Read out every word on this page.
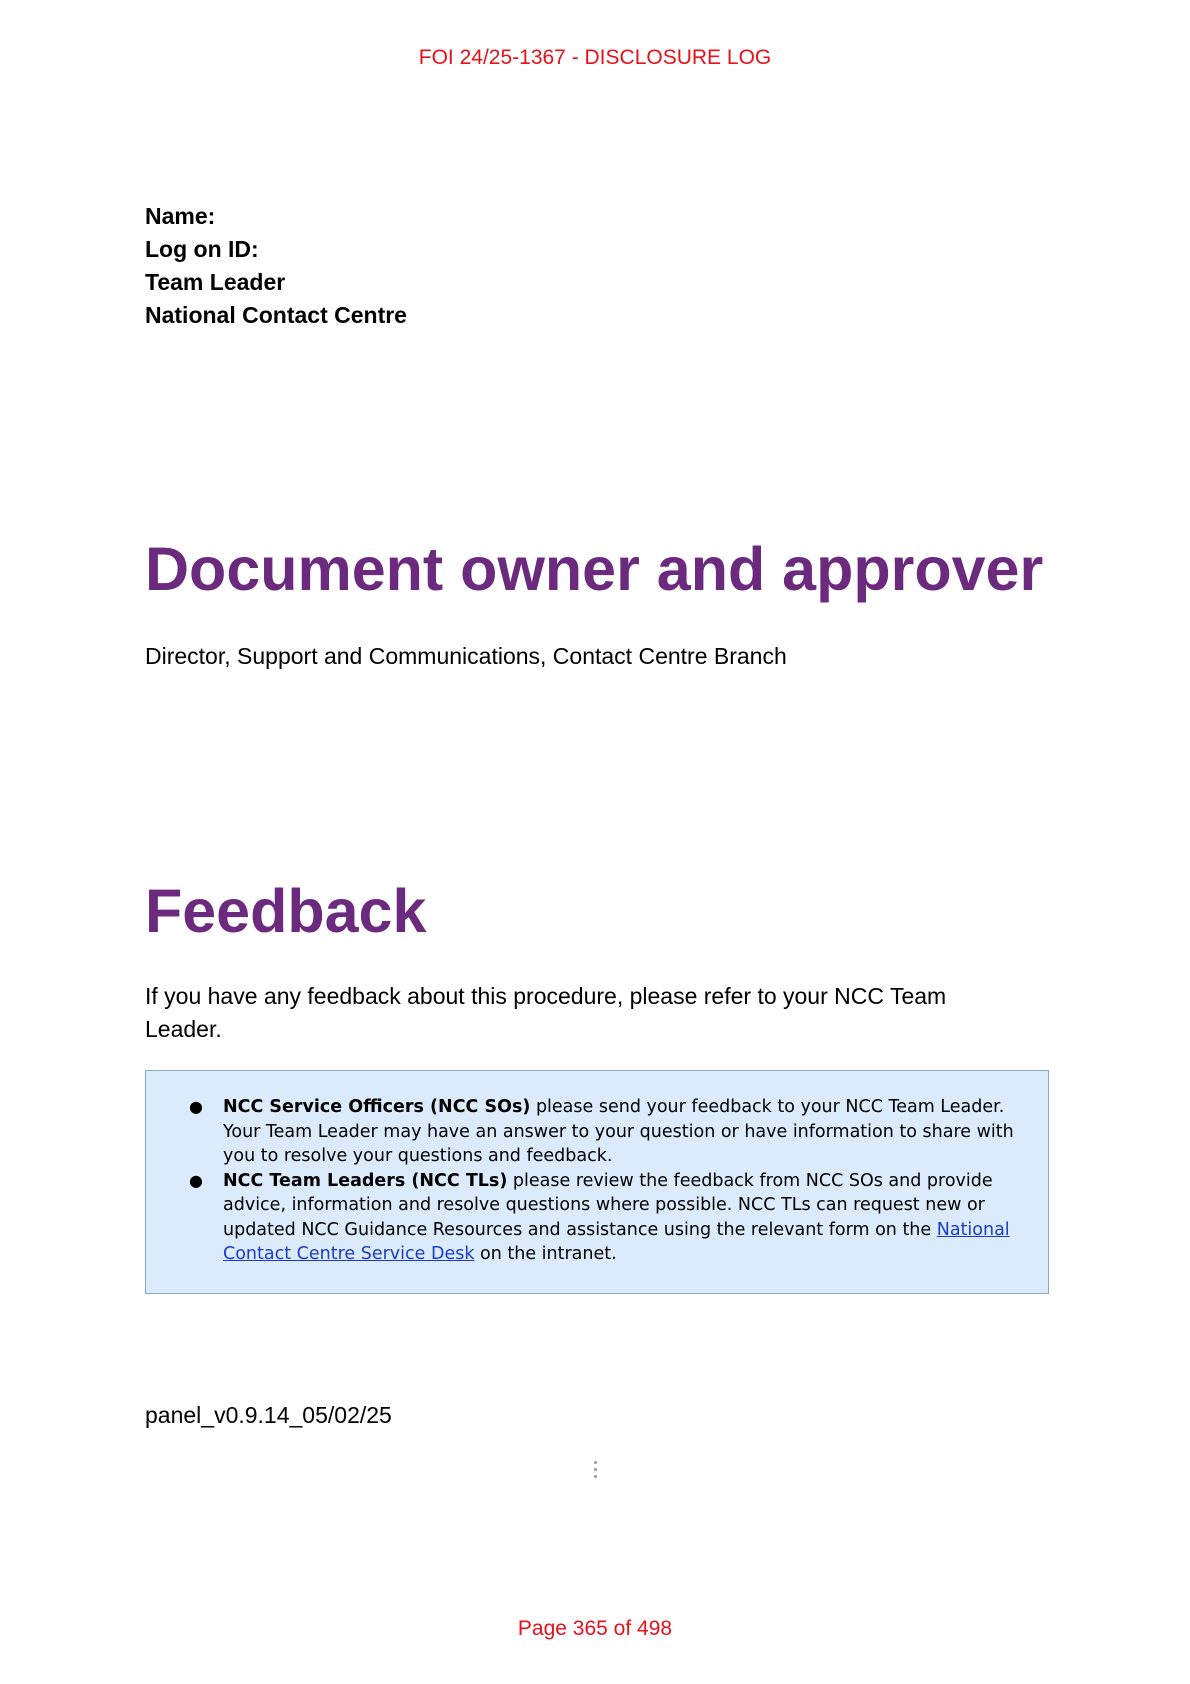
FOI 24/25-1367 - DISCLOSURE LOG
Name:
Log on ID:
Team Leader
National Contact Centre
Document owner and approver
Director, Support and Communications, Contact Centre Branch
Feedback
If you have any feedback about this procedure, please refer to your NCC Team Leader.
● NCC Service Officers (NCC SOs) please send your feedback to your NCC Team Leader. Your Team Leader may have an answer to your question or have information to share with you to resolve your questions and feedback.
● NCC Team Leaders (NCC TLs) please review the feedback from NCC SOs and provide advice, information and resolve questions where possible. NCC TLs can request new or updated NCC Guidance Resources and assistance using the relevant form on the National Contact Centre Service Desk on the intranet.
panel_v0.9.14_05/02/25
Page 365 of 498
